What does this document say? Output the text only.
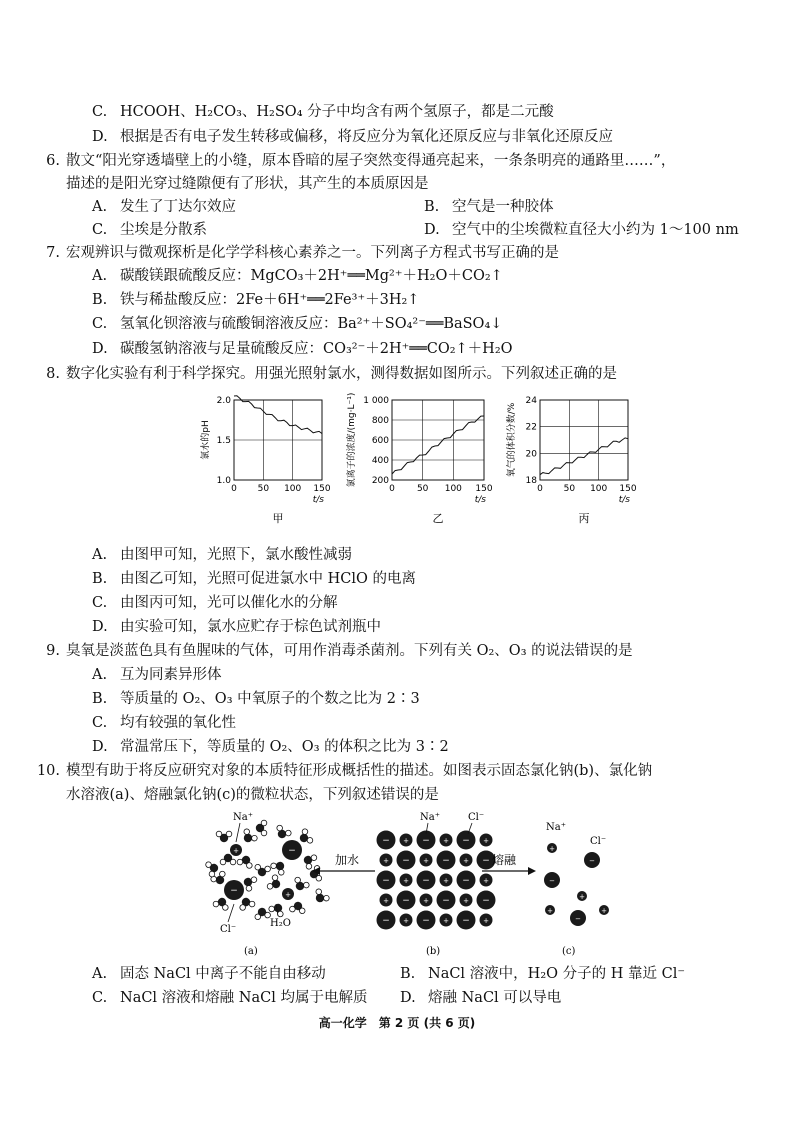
C. HCOOH、H₂CO₃、H₂SO₄ 分子中均含有两个氢原子，都是二元酸
D. 根据是否有电子发生转移或偏移，将反应分为氧化还原反应与非氧化还原反应
6. 散文“阳光穿透墙壁上的小缝，原本昏暗的屋子突然变得通亮起来，一条条明亮的通路里……”，
描述的是阳光穿过缝隙便有了形状，其产生的本质原因是
A. 发生了丁达尔效应	B. 空气是一种胶体
C. 尘埃是分散系	D. 空气中的尘埃微粒直径大小约为 1～100 nm
7. 宏观辨识与微观探析是化学学科核心素养之一。下列离子方程式书写正确的是
A. 碳酸镁跟硫酸反应：MgCO₃＋2H⁺══Mg²⁺＋H₂O＋CO₂↑
B. 铁与稀盐酸反应：2Fe＋6H⁺══2Fe³⁺＋3H₂↑
C. 氢氧化钡溶液与硫酸铜溶液反应：Ba²⁺＋SO₄²⁻══BaSO₄↓
D. 碳酸氢钠溶液与足量硫酸反应：CO₃²⁻＋2H⁺══CO₂↑＋H₂O
8. 数字化实验有利于科学探究。用强光照射氯水，测得数据如图所示。下列叙述正确的是
1.0
1.5
2.0
0 50 100 150
t/s
氯水的pH
甲
200
400
600
800
1 000
0 50 100 150
t/s
氯离子的浓度/(mg·L⁻¹)
乙
18
20
22
24
0 50 100 150
t/s
氧气的体积分数/%
丙
A. 由图甲可知，光照下，氯水酸性减弱
B. 由图乙可知，光照可促进氯水中 HClO 的电离
C. 由图丙可知，光可以催化水的分解
D. 由实验可知，氯水应贮存于棕色试剂瓶中
9. 臭氧是淡蓝色具有鱼腥味的气体，可用作消毒杀菌剂。下列有关 O₂、O₃ 的说法错误的是
A. 互为同素异形体
B. 等质量的 O₂、O₃ 中氧原子的个数之比为 2∶3
C. 均有较强的氧化性
D. 常温常压下，等质量的 O₂、O₃ 的体积之比为 3∶2
10. 模型有助于将反应研究对象的本质特征形成概括性的描述。如图表示固态氯化钠(b)、氯化钠
水溶液(a)、熔融氯化钠(c)的微粒状态，下列叙述错误的是
+	−
−	+
− + − + − +
+ − + − + −
− + − + − +
+ − + − + −
− + − + − +
+
−
−
+
+
−
+
加水	熔融
Na⁺
Cl⁻
H₂O
Na⁺	Cl⁻
Na⁺
Cl⁻
(a)	(b)	(c)
A. 固态 NaCl 中离子不能自由移动	B. NaCl 溶液中，H₂O 分子的 H 靠近 Cl⁻
C. NaCl 溶液和熔融 NaCl 均属于电解质 D. 熔融 NaCl 可以导电
高一化学　第 2 页 (共 6 页)
